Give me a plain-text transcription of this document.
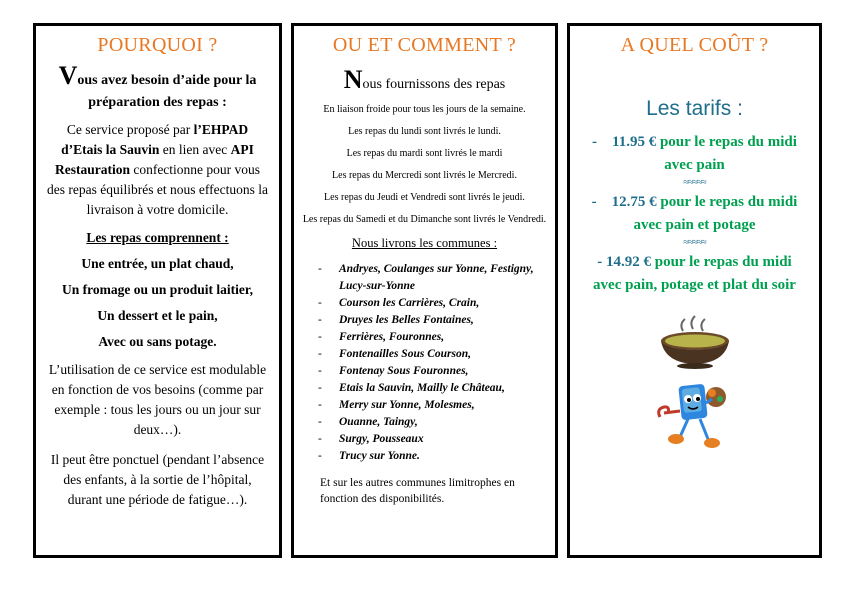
POURQUOI ?
Vous avez besoin d’aide pour la préparation des repas :
Ce service proposé par l’EHPAD d’Etais la Sauvin en lien avec API Restauration confectionne pour vous des repas équilibrés et nous effectuons la livraison à votre domicile.
Les repas comprennent :
Une entrée, un plat chaud,
Un fromage ou un produit laitier,
Un dessert et le pain,
Avec ou sans potage.
L’utilisation de ce service est modulable en fonction de vos besoins (comme par exemple : tous les jours ou un jour sur deux…).
Il peut être ponctuel (pendant l’absence des enfants, à la sortie de l’hôpital, durant une période de fatigue…).
OU ET COMMENT ?
Nous fournissons des repas
En liaison froide pour tous les jours de la semaine.
Les repas du lundi sont livrés le lundi.
Les repas du mardi sont livrés le mardi
Les repas du Mercredi sont livrés le Mercredi.
Les repas du Jeudi et Vendredi sont livrés le jeudi.
Les repas du Samedi et du Dimanche sont livrés le Vendredi.
Nous livrons les communes :
- Andryes, Coulanges sur Yonne, Festigny, Lucy-sur-Yonne
- Courson les Carrières, Crain,
- Druyes les Belles Fontaines,
- Ferrières, Fouronnes,
- Fontenailles Sous Courson,
- Fontenay Sous Fouronnes,
- Etais la Sauvin, Mailly le Château,
- Merry sur Yonne, Molesmes,
- Ouanne, Taingy,
- Surgy, Pousseaux
- Trucy sur Yonne.
Et sur les autres communes limitrophes en fonction des disponibilités.
A QUEL COÛT ?
Les tarifs :
- 11.95 € pour le repas du midi avec pain
≈≈≈≈≈
- 12.75 € pour le repas du midi avec pain et potage
≈≈≈≈≈
- 14.92 € pour le repas du midi avec pain, potage et plat du soir
